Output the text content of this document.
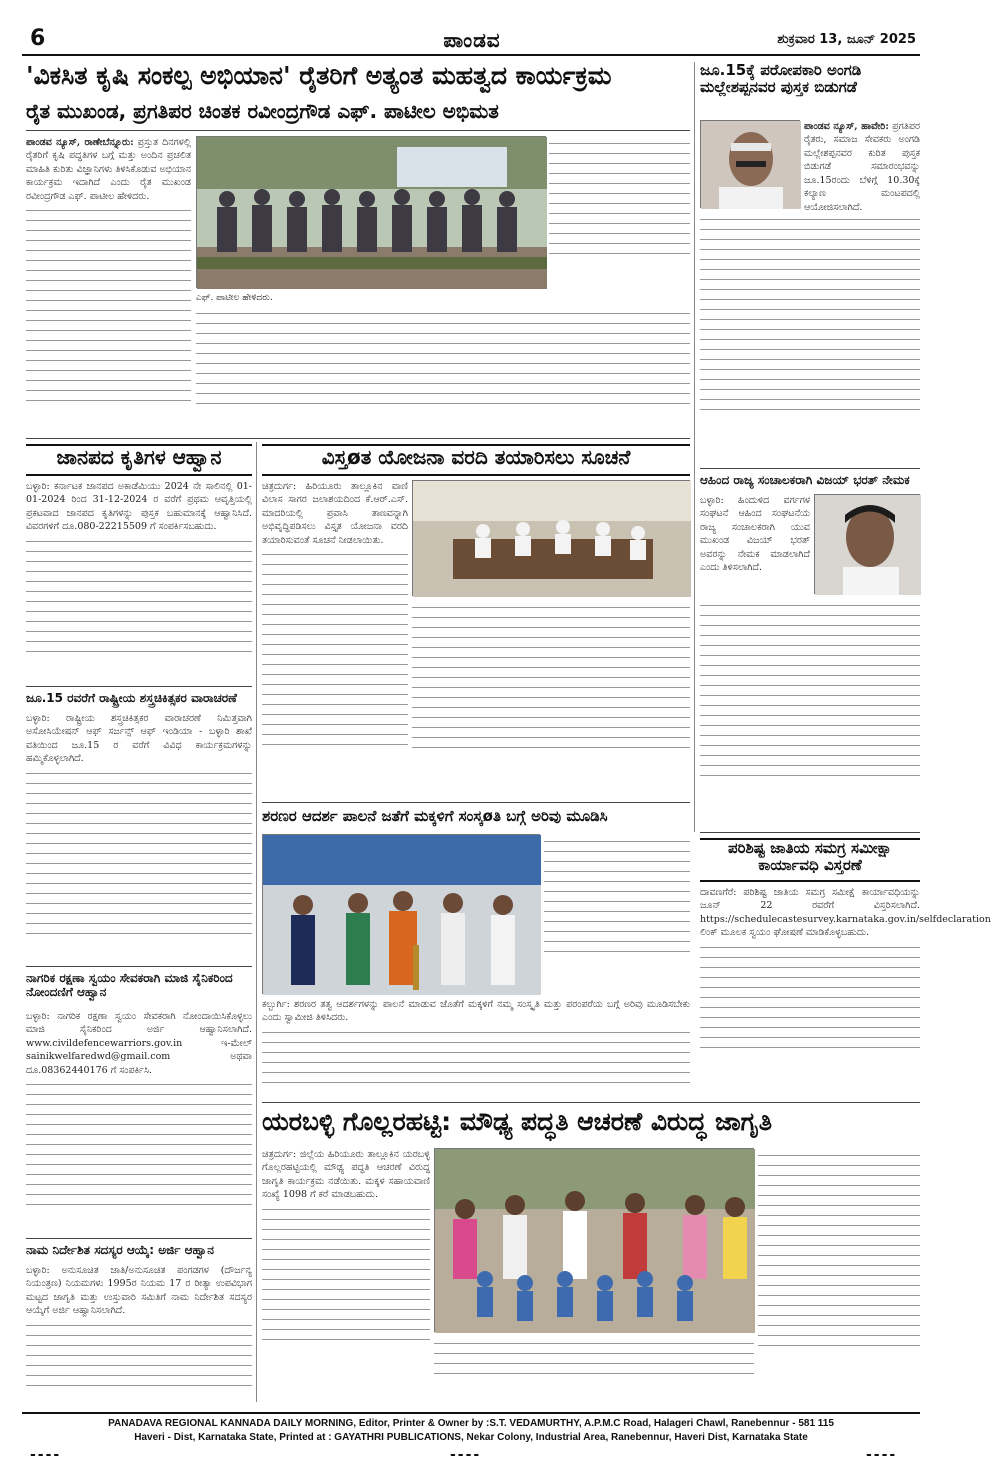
6	ಪಾಂಡವ	ಶುಕ್ರವಾರ 13, ಜೂನ್ 2025
'ವಿಕಸಿತ ಕೃಷಿ ಸಂಕಲ್ಪ ಅಭಿಯಾನ' ರೈತರಿಗೆ ಅತ್ಯಂತ ಮಹತ್ವದ ಕಾರ್ಯಕ್ರಮ
ರೈತ ಮುಖಂಡ, ಪ್ರಗತಿಪರ ಚಿಂತಕ ರವೀಂದ್ರಗೌಡ ಎಫ್. ಪಾಟೀಲ ಅಭಿಮತ
ಪಾಂಡವ ನ್ಯೂಸ್, ರಾಣೇಬೆನ್ನೂರು: ಪ್ರಸ್ತುತ ದಿನಗಳಲ್ಲಿ ರೈತರಿಗೆ ಕೃಷಿ ಪದ್ಧತಿಗಳ ಬಗ್ಗೆ ಮತ್ತು ಅಂದಿನ ಪ್ರಚಲಿತ ಮಾಹಿತಿ ಕುರಿತು ವಿಜ್ಞಾನಿಗಳು ತಿಳಿಸಿಕೊಡುವ ಅಭಿಯಾನ ಕಾರ್ಯಕ್ರಮ ಇದಾಗಿದೆ ಎಂದು ರೈತ ಮುಖಂಡ ರವೀಂದ್ರಗೌಡ ಎಫ್. ಪಾಟೀಲ ಹೇಳಿದರು.
ಎಫ್. ಪಾಟೀಲ ಹೇಳಿದರು.
ಜೂ.15ಕ್ಕೆ ಪರೋಪಕಾರಿ ಅಂಗಡಿ ಮಲ್ಲೇಶಪ್ಪನವರ ಪುಸ್ತಕ ಬಿಡುಗಡೆ
ಪಾಂಡವ ನ್ಯೂಸ್, ಹಾವೇರಿ: ಪ್ರಗತಿಪರ ರೈತರು, ಸಮಾಜ ಸೇವಕರು ಅಂಗಡಿ ಮಲ್ಲೇಶಪ್ಪನವರ ಕುರಿತ ಪುಸ್ತಕ ಬಿಡುಗಡೆ ಸಮಾರಂಭವನ್ನು ಜೂ.15ರಂದು ಬೆಳಿಗ್ಗೆ 10.30ಕ್ಕೆ ಕಲ್ಯಾಣ ಮಂಟಪದಲ್ಲಿ ಆಯೋಜಿಸಲಾಗಿದೆ.
ಆಹಿಂದ ರಾಜ್ಯ ಸಂಚಾಲಕರಾಗಿ ವಿಜಯ್ ಭರತ್ ನೇಮಕ
ಬಳ್ಳಾರಿ: ಹಿಂದುಳಿದ ವರ್ಗಗಳ ಸಂಘಟನೆ ಆಹಿಂದ ಸಂಘಟನೆಯ ರಾಜ್ಯ ಸಂಚಾಲಕರಾಗಿ ಯುವ ಮುಖಂಡ ವಿಜಯ್ ಭರತ್ ಅವರನ್ನು ನೇಮಕ ಮಾಡಲಾಗಿದೆ ಎಂದು ತಿಳಿಸಲಾಗಿದೆ.
ಜಾನಪದ ಕೃತಿಗಳ ಆಹ್ವಾನ
ಬಳ್ಳಾರಿ: ಕರ್ನಾಟಕ ಜಾನಪದ ಅಕಾಡೆಮಿಯು 2024 ನೇ ಸಾಲಿನಲ್ಲಿ 01-01-2024 ರಿಂದ 31-12-2024 ರ ವರೆಗೆ ಪ್ರಥಮ ಆವೃತ್ತಿಯಲ್ಲಿ ಪ್ರಕಟವಾದ ಜಾನಪದ ಕೃತಿಗಳನ್ನು ಪುಸ್ತಕ ಬಹುಮಾನಕ್ಕೆ ಆಹ್ವಾನಿಸಿದೆ. ವಿವರಗಳಿಗೆ ದೂ.080-22215509 ಗೆ ಸಂಪರ್ಕಿಸಬಹುದು.
ಜೂ.15 ರವರೆಗೆ ರಾಷ್ಟ್ರೀಯ ಶಸ್ತ್ರಚಿಕಿತ್ಸಕರ ವಾರಾಚರಣೆ
ಬಳ್ಳಾರಿ: ರಾಷ್ಟ್ರೀಯ ಶಸ್ತ್ರಚಿಕಿತ್ಸಕರ ವಾರಾಚರಣೆ ನಿಮಿತ್ತವಾಗಿ ಅಸೋಸಿಯೇಷನ್ ಆಫ್ ಸರ್ಜನ್ಸ್ ಆಫ್ ಇಂಡಿಯಾ - ಬಳ್ಳಾರಿ ಶಾಖೆ ವತಿಯಿಂದ ಜೂ.15 ರ ವರೆಗೆ ವಿವಿಧ ಕಾರ್ಯಕ್ರಮಗಳನ್ನು ಹಮ್ಮಿಕೊಳ್ಳಲಾಗಿದೆ.
ನಾಗರಿಕ ರಕ್ಷಣಾ ಸ್ವಯಂ ಸೇವಕರಾಗಿ ಮಾಜಿ ಸೈನಿಕರಿಂದ ನೋಂದಣಿಗೆ ಆಹ್ವಾನ
ಬಳ್ಳಾರಿ: ನಾಗರಿಕ ರಕ್ಷಣಾ ಸ್ವಯಂ ಸೇವಕರಾಗಿ ನೋಂದಾಯಿಸಿಕೊಳ್ಳಲು ಮಾಜಿ ಸೈನಿಕರಿಂದ ಅರ್ಜಿ ಆಹ್ವಾನಿಸಲಾಗಿದೆ. www.civildefencewarriors.gov.in ಇ-ಮೇಲ್ sainikwelfaredwd@gmail.com ಅಥವಾ ದೂ.08362440176 ಗೆ ಸಂಪರ್ಕಿಸಿ.
ನಾಮ ನಿರ್ದೇಶಿತ ಸದಸ್ಯರ ಆಯ್ಕೆ: ಅರ್ಜಿ ಆಹ್ವಾನ
ಬಳ್ಳಾರಿ: ಅನುಸೂಚಿತ ಜಾತಿ/ಅನುಸೂಚಿತ ಪಂಗಡಗಳ (ದೌರ್ಜನ್ಯ ನಿಯಂತ್ರಣ) ನಿಯಮಗಳು 1995ರ ನಿಯಮ 17 ರ ರೀತ್ಯಾ ಉಪವಿಭಾಗ ಮಟ್ಟದ ಜಾಗೃತಿ ಮತ್ತು ಉಸ್ತುವಾರಿ ಸಮಿತಿಗೆ ನಾಮ ನಿರ್ದೇಶಿತ ಸದಸ್ಯರ ಆಯ್ಕೆಗೆ ಅರ್ಜಿ ಆಹ್ವಾನಿಸಲಾಗಿದೆ.
ವಿಸ್ತøತ ಯೋಜನಾ ವರದಿ ತಯಾರಿಸಲು ಸೂಚನೆ
ಚಿತ್ರದುರ್ಗ: ಹಿರಿಯೂರು ತಾಲ್ಲೂಕಿನ ವಾಣಿ ವಿಲಾಸ ಸಾಗರ ಜಲಾಶಯದಿಂದ ಕೆ.ಆರ್.ಎಸ್. ಮಾದರಿಯಲ್ಲಿ ಪ್ರವಾಸಿ ತಾಣವನ್ನಾಗಿ ಅಭಿವೃದ್ಧಿಪಡಿಸಲು ವಿಸ್ತೃತ ಯೋಜನಾ ವರದಿ ತಯಾರಿಸುವಂತೆ ಸೂಚನೆ ನೀಡಲಾಯಿತು.
ಶರಣರ ಆದರ್ಶ ಪಾಲನೆ ಜತೆಗೆ ಮಕ್ಕಳಿಗೆ ಸಂಸ್ಕøತಿ ಬಗ್ಗೆ ಅರಿವು ಮೂಡಿಸಿ
ಕಲ್ಬುರ್ಗಿ: ಶರಣರ ತತ್ವ ಆದರ್ಶಗಳನ್ನು ಪಾಲನೆ ಮಾಡುವ ಜೊತೆಗೆ ಮಕ್ಕಳಿಗೆ ನಮ್ಮ ಸಂಸ್ಕೃತಿ ಮತ್ತು ಪರಂಪರೆಯ ಬಗ್ಗೆ ಅರಿವು ಮೂಡಿಸಬೇಕು ಎಂದು ಸ್ವಾಮೀಜಿ ತಿಳಿಸಿದರು.
ಪರಿಶಿಷ್ಟ ಜಾತಿಯ ಸಮಗ್ರ ಸಮೀಕ್ಷಾ ಕಾರ್ಯಾವಧಿ ವಿಸ್ತರಣೆ
ದಾವಣಗೆರೆ: ಪರಿಶಿಷ್ಟ ಜಾತಿಯ ಸಮಗ್ರ ಸಮೀಕ್ಷೆ ಕಾರ್ಯಾವಧಿಯನ್ನು ಜೂನ್ 22 ರವರೆಗೆ ವಿಸ್ತರಿಸಲಾಗಿದೆ. https://schedulecastesurvey.karnataka.gov.in/selfdeclaration ಲಿಂಕ್ ಮೂಲಕ ಸ್ವಯಂ ಘೋಷಣೆ ಮಾಡಿಕೊಳ್ಳಬಹುದು.
ಯರಬಳ್ಳಿ ಗೊಲ್ಲರಹಟ್ಟಿ: ಮೌಢ್ಯ ಪದ್ಧತಿ ಆಚರಣೆ ವಿರುದ್ಧ ಜಾಗೃತಿ
ಚಿತ್ರದುರ್ಗ: ಜಿಲ್ಲೆಯ ಹಿರಿಯೂರು ತಾಲ್ಲೂಕಿನ ಯರಬಳ್ಳಿ ಗೊಲ್ಲರಹಟ್ಟಿಯಲ್ಲಿ ಮೌಢ್ಯ ಪದ್ಧತಿ ಆಚರಣೆ ವಿರುದ್ಧ ಜಾಗೃತಿ ಕಾರ್ಯಕ್ರಮ ನಡೆಯಿತು. ಮಕ್ಕಳ ಸಹಾಯವಾಣಿ ಸಂಖ್ಯೆ 1098 ಗೆ ಕರೆ ಮಾಡಬಹುದು.
PANADAVA REGIONAL KANNADA DAILY MORNING, Editor, Printer & Owner by :S.T. VEDAMURTHY, A.P.M.C Road, Halageri Chawl, Ranebennur - 581 115
Haveri - Dist, Karnataka State, Printed at : GAYATHRI PUBLICATIONS, Nekar Colony, Industrial Area, Ranebennur, Haveri Dist, Karnataka State
----	----	----
